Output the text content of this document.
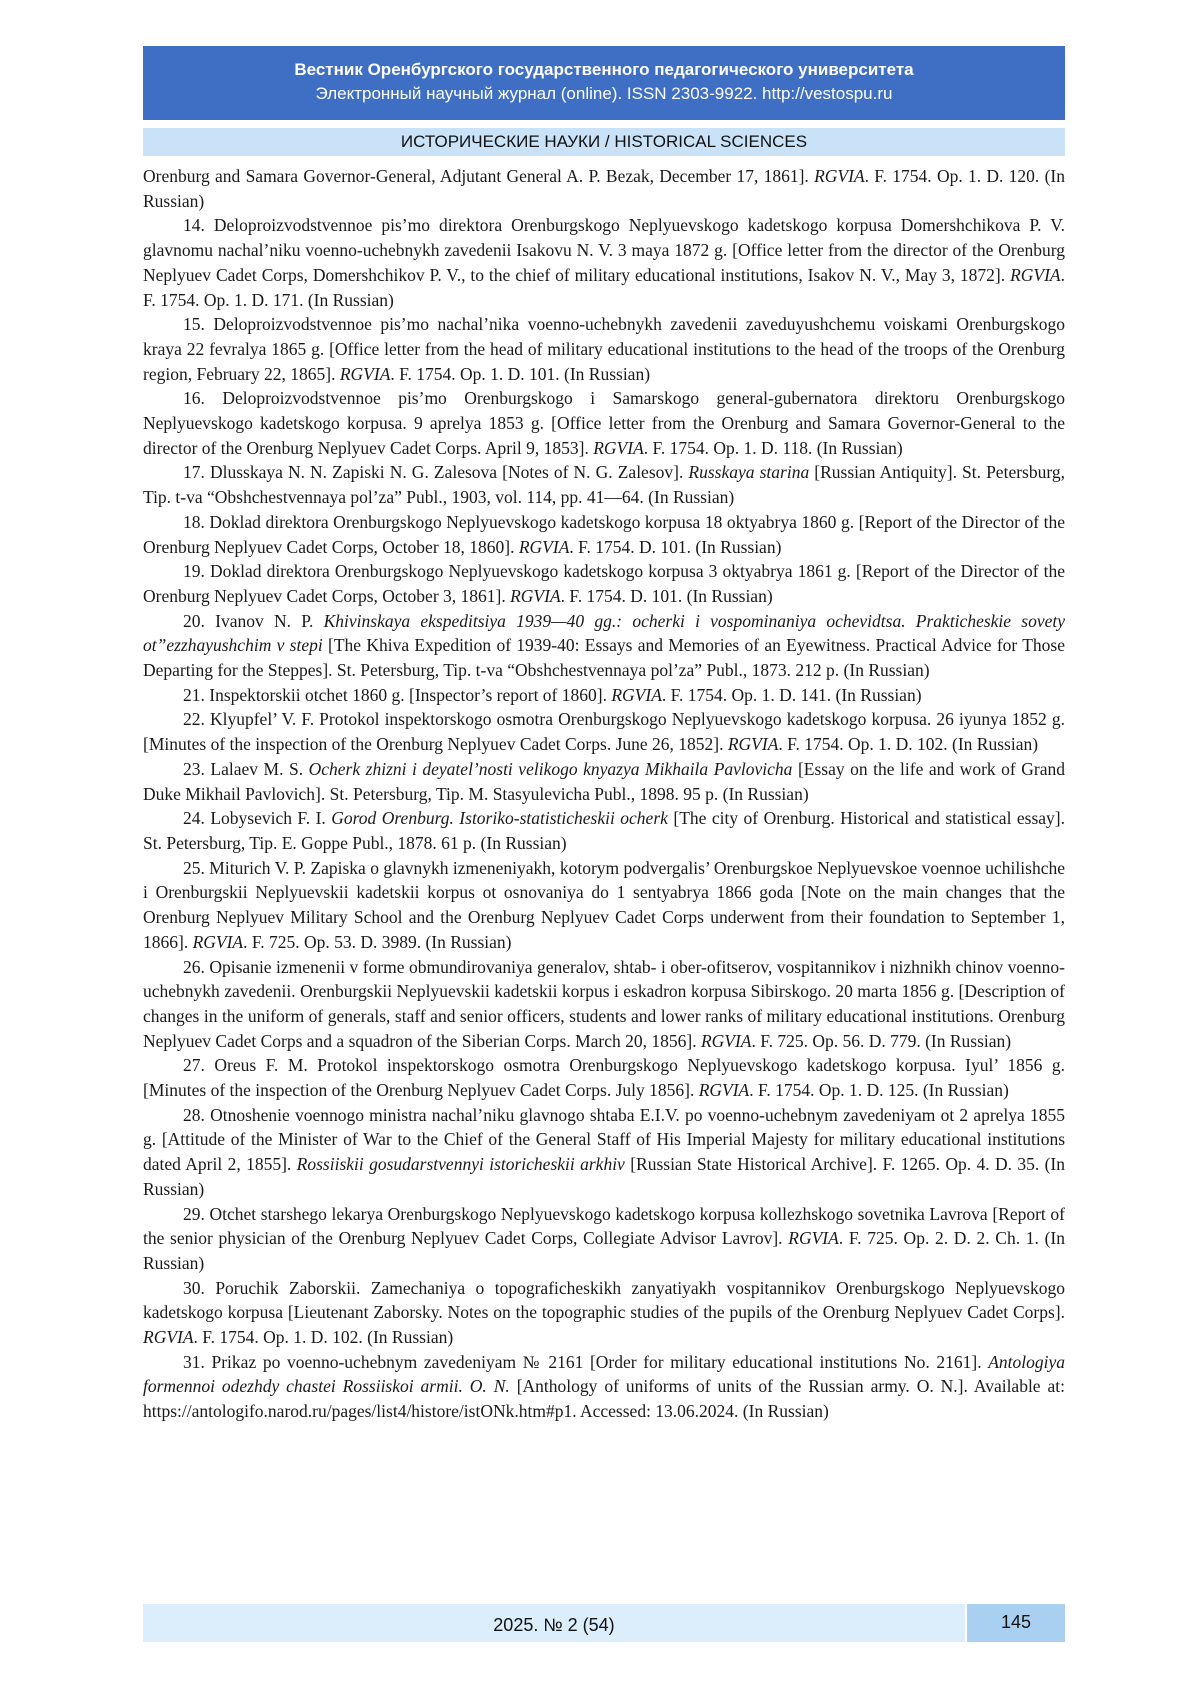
Вестник Оренбургского государственного педагогического университета
Электронный научный журнал (online). ISSN 2303-9922. http://vestospu.ru
ИСТОРИЧЕСКИЕ НАУКИ / HISTORICAL SCIENCES

Orenburg and Samara Governor-General, Adjutant General A. P. Bezak, December 17, 1861]. RGVIA. F. 1754. Op. 1. D. 120. (In Russian)

14. Deloproizvodstvennoe pis’mo direktora Orenburgskogo Neplyuevskogo kadetskogo korpusa Domershchikova P. V. glavnomu nachal’niku voenno-uchebnykh zavedenii Isakovu N. V. 3 maya 1872 g. [Office letter from the director of the Orenburg Neplyuev Cadet Corps, Domershchikov P. V., to the chief of military educational institutions, Isakov N. V., May 3, 1872]. RGVIA. F. 1754. Op. 1. D. 171. (In Russian)

15. Deloproizvodstvennoe pis’mo nachal’nika voenno-uchebnykh zavedenii zaveduyushchemu voiskami Orenburgskogo kraya 22 fevralya 1865 g. [Office letter from the head of military educational institutions to the head of the troops of the Orenburg region, February 22, 1865]. RGVIA. F. 1754. Op. 1. D. 101. (In Russian)

16. Deloproizvodstvennoe pis’mo Orenburgskogo i Samarskogo general-gubernatora direktoru Orenburgskogo Neplyuevskogo kadetskogo korpusa. 9 aprelya 1853 g. [Office letter from the Orenburg and Samara Governor-General to the director of the Orenburg Neplyuev Cadet Corps. April 9, 1853]. RGVIA. F. 1754. Op. 1. D. 118. (In Russian)

17. Dlusskaya N. N. Zapiski N. G. Zalesova [Notes of N. G. Zalesov]. Russkaya starina [Russian Antiquity]. St. Petersburg, Tip. t-va “Obshchestvennaya pol’za” Publ., 1903, vol. 114, pp. 41—64. (In Russian)

18. Doklad direktora Orenburgskogo Neplyuevskogo kadetskogo korpusa 18 oktyabrya 1860 g. [Report of the Director of the Orenburg Neplyuev Cadet Corps, October 18, 1860]. RGVIA. F. 1754. D. 101. (In Russian)

19. Doklad direktora Orenburgskogo Neplyuevskogo kadetskogo korpusa 3 oktyabrya 1861 g. [Report of the Director of the Orenburg Neplyuev Cadet Corps, October 3, 1861]. RGVIA. F. 1754. D. 101. (In Russian)

20. Ivanov N. P. Khivinskaya ekspeditsiya 1939—40 gg.: ocherki i vospominaniya ochevidtsa. Prakticheskie sovety ot”ezzhayushchim v stepi [The Khiva Expedition of 1939-40: Essays and Memories of an Eyewitness. Practical Advice for Those Departing for the Steppes]. St. Petersburg, Tip. t-va “Obshchestvennaya pol’za” Publ., 1873. 212 p. (In Russian)

21. Inspektorskii otchet 1860 g. [Inspector’s report of 1860]. RGVIA. F. 1754. Op. 1. D. 141. (In Russian)

22. Klyupfel’ V. F. Protokol inspektorskogo osmotra Orenburgskogo Neplyuevskogo kadetskogo korpusa. 26 iyunya 1852 g. [Minutes of the inspection of the Orenburg Neplyuev Cadet Corps. June 26, 1852]. RGVIA. F. 1754. Op. 1. D. 102. (In Russian)

23. Lalaev M. S. Ocherk zhizni i deyatel’nosti velikogo knyazya Mikhaila Pavlovicha [Essay on the life and work of Grand Duke Mikhail Pavlovich]. St. Petersburg, Tip. M. Stasyulevicha Publ., 1898. 95 p. (In Russian)

24. Lobysevich F. I. Gorod Orenburg. Istoriko-statisticheskii ocherk [The city of Orenburg. Historical and statistical essay]. St. Petersburg, Tip. E. Goppe Publ., 1878. 61 p. (In Russian)

25. Miturich V. P. Zapiska o glavnykh izmeneniyakh, kotorym podvergalis’ Orenburgskoe Neplyuevskoe voennoe uchilishche i Orenburgskii Neplyuevskii kadetskii korpus ot osnovaniya do 1 sentyabrya 1866 goda [Note on the main changes that the Orenburg Neplyuev Military School and the Orenburg Neplyuev Cadet Corps underwent from their foundation to September 1, 1866]. RGVIA. F. 725. Op. 53. D. 3989. (In Russian)

26. Opisanie izmenenii v forme obmundirovaniya generalov, shtab- i ober-ofitserov, vospitannikov i nizhnikh chinov voenno-uchebnykh zavedenii. Orenburgskii Neplyuevskii kadetskii korpus i eskadron korpusa Sibirskogo. 20 marta 1856 g. [Description of changes in the uniform of generals, staff and senior officers, students and lower ranks of military educational institutions. Orenburg Neplyuev Cadet Corps and a squadron of the Siberian Corps. March 20, 1856]. RGVIA. F. 725. Op. 56. D. 779. (In Russian)

27. Oreus F. M. Protokol inspektorskogo osmotra Orenburgskogo Neplyuevskogo kadetskogo korpusa. Iyul’ 1856 g. [Minutes of the inspection of the Orenburg Neplyuev Cadet Corps. July 1856]. RGVIA. F. 1754. Op. 1. D. 125. (In Russian)

28. Otnoshenie voennogo ministra nachal’niku glavnogo shtaba E.I.V. po voenno-uchebnym zavedeniyam ot 2 aprelya 1855 g. [Attitude of the Minister of War to the Chief of the General Staff of His Imperial Majesty for military educational institutions dated April 2, 1855]. Rossiiskii gosudarstvennyi istoricheskii arkhiv [Russian State Historical Archive]. F. 1265. Op. 4. D. 35. (In Russian)

29. Otchet starshego lekarya Orenburgskogo Neplyuevskogo kadetskogo korpusa kollezhskogo sovetnika Lavrova [Report of the senior physician of the Orenburg Neplyuev Cadet Corps, Collegiate Advisor Lavrov]. RGVIA. F. 725. Op. 2. D. 2. Ch. 1. (In Russian)

30. Poruchik Zaborskii. Zamechaniya o topograficheskikh zanyatiyakh vospitannikov Orenburgskogo Neplyuevskogo kadetskogo korpusa [Lieutenant Zaborsky. Notes on the topographic studies of the pupils of the Orenburg Neplyuev Cadet Corps]. RGVIA. F. 1754. Op. 1. D. 102. (In Russian)

31. Prikaz po voenno-uchebnym zavedeniyam № 2161 [Order for military educational institutions No. 2161]. Antologiya formennoi odezhdy chastei Rossiiskoi armii. O. N. [Anthology of uniforms of units of the Russian army. O. N.]. Available at: https://antologifo.narod.ru/pages/list4/histore/istONk.htm#p1. Accessed: 13.06.2024. (In Russian)

2025. № 2 (54)	145
